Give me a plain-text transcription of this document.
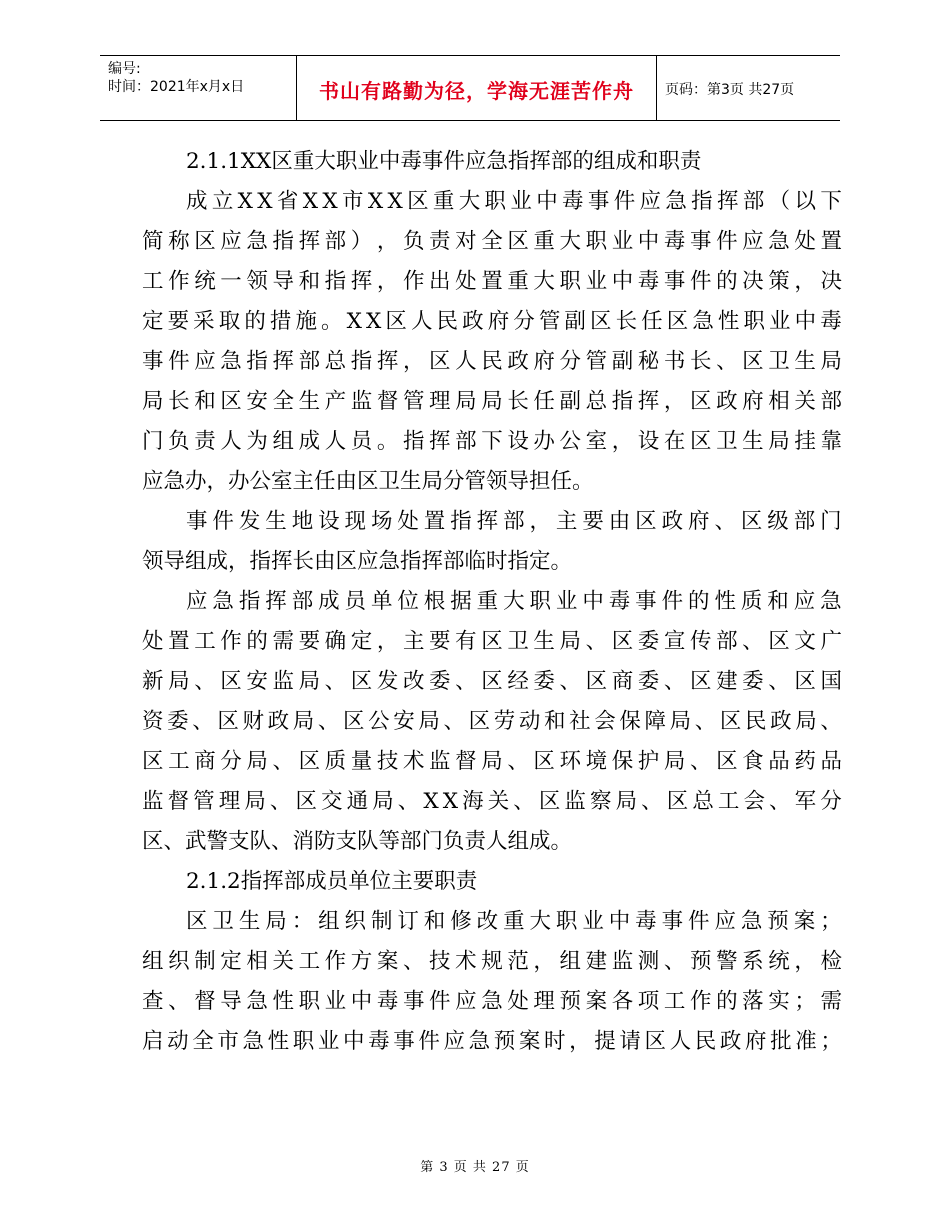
编号:
时间：2021年x月x日	书山有路勤为径，学海无涯苦作舟	页码：第3页 共27页
2.1.1XX区重大职业中毒事件应急指挥部的组成和职责
成 立 X X 省 X X 市 X X 区 重 大 职 业 中 毒 事 件 应 急 指 挥 部 （ 以 下
简 称 区 应 急 指 挥 部 ） ， 负 责 对 全 区 重 大 职 业 中 毒 事 件 应 急 处 置
工 作 统 一 领 导 和 指 挥 ， 作 出 处 置 重 大 职 业 中 毒 事 件 的 决 策 ， 决
定 要 采 取 的 措 施 。 X X 区 人 民 政 府 分 管 副 区 长 任 区 急 性 职 业 中 毒
事 件 应 急 指 挥 部 总 指 挥 ， 区 人 民 政 府 分 管 副 秘 书 长 、 区 卫 生 局
局 长 和 区 安 全 生 产 监 督 管 理 局 局 长 任 副 总 指 挥 ， 区 政 府 相 关 部
门 负 责 人 为 组 成 人 员 。 指 挥 部 下 设 办 公 室 ， 设 在 区 卫 生 局 挂 靠
应急办，办公室主任由区卫生局分管领导担任。
事 件 发 生 地 设 现 场 处 置 指 挥 部 ， 主 要 由 区 政 府 、 区 级 部 门
领导组成，指挥长由区应急指挥部临时指定。
应 急 指 挥 部 成 员 单 位 根 据 重 大 职 业 中 毒 事 件 的 性 质 和 应 急
处 置 工 作 的 需 要 确 定 ， 主 要 有 区 卫 生 局 、 区 委 宣 传 部 、 区 文 广
新 局 、 区 安 监 局 、 区 发 改 委 、 区 经 委 、 区 商 委 、 区 建 委 、 区 国
资 委 、 区 财 政 局 、 区 公 安 局 、 区 劳 动 和 社 会 保 障 局 、 区 民 政 局 、
区 工 商 分 局 、 区 质 量 技 术 监 督 局 、 区 环 境 保 护 局 、 区 食 品 药 品
监 督 管 理 局 、 区 交 通 局 、 X X 海 关 、 区 监 察 局 、 区 总 工 会 、 军 分
区、武警支队、消防支队等部门负责人组成。
2.1.2指挥部成员单位主要职责
区 卫 生 局 ： 组 织 制 订 和 修 改 重 大 职 业 中 毒 事 件 应 急 预 案 ；
组 织 制 定 相 关 工 作 方 案 、 技 术 规 范 ， 组 建 监 测 、 预 警 系 统 ， 检
查 、 督 导 急 性 职 业 中 毒 事 件 应 急 处 理 预 案 各 项 工 作 的 落 实 ； 需
启 动 全 市 急 性 职 业 中 毒 事 件 应 急 预 案 时 ， 提 请 区 人 民 政 府 批 准 ；
第 3 页 共 27 页
